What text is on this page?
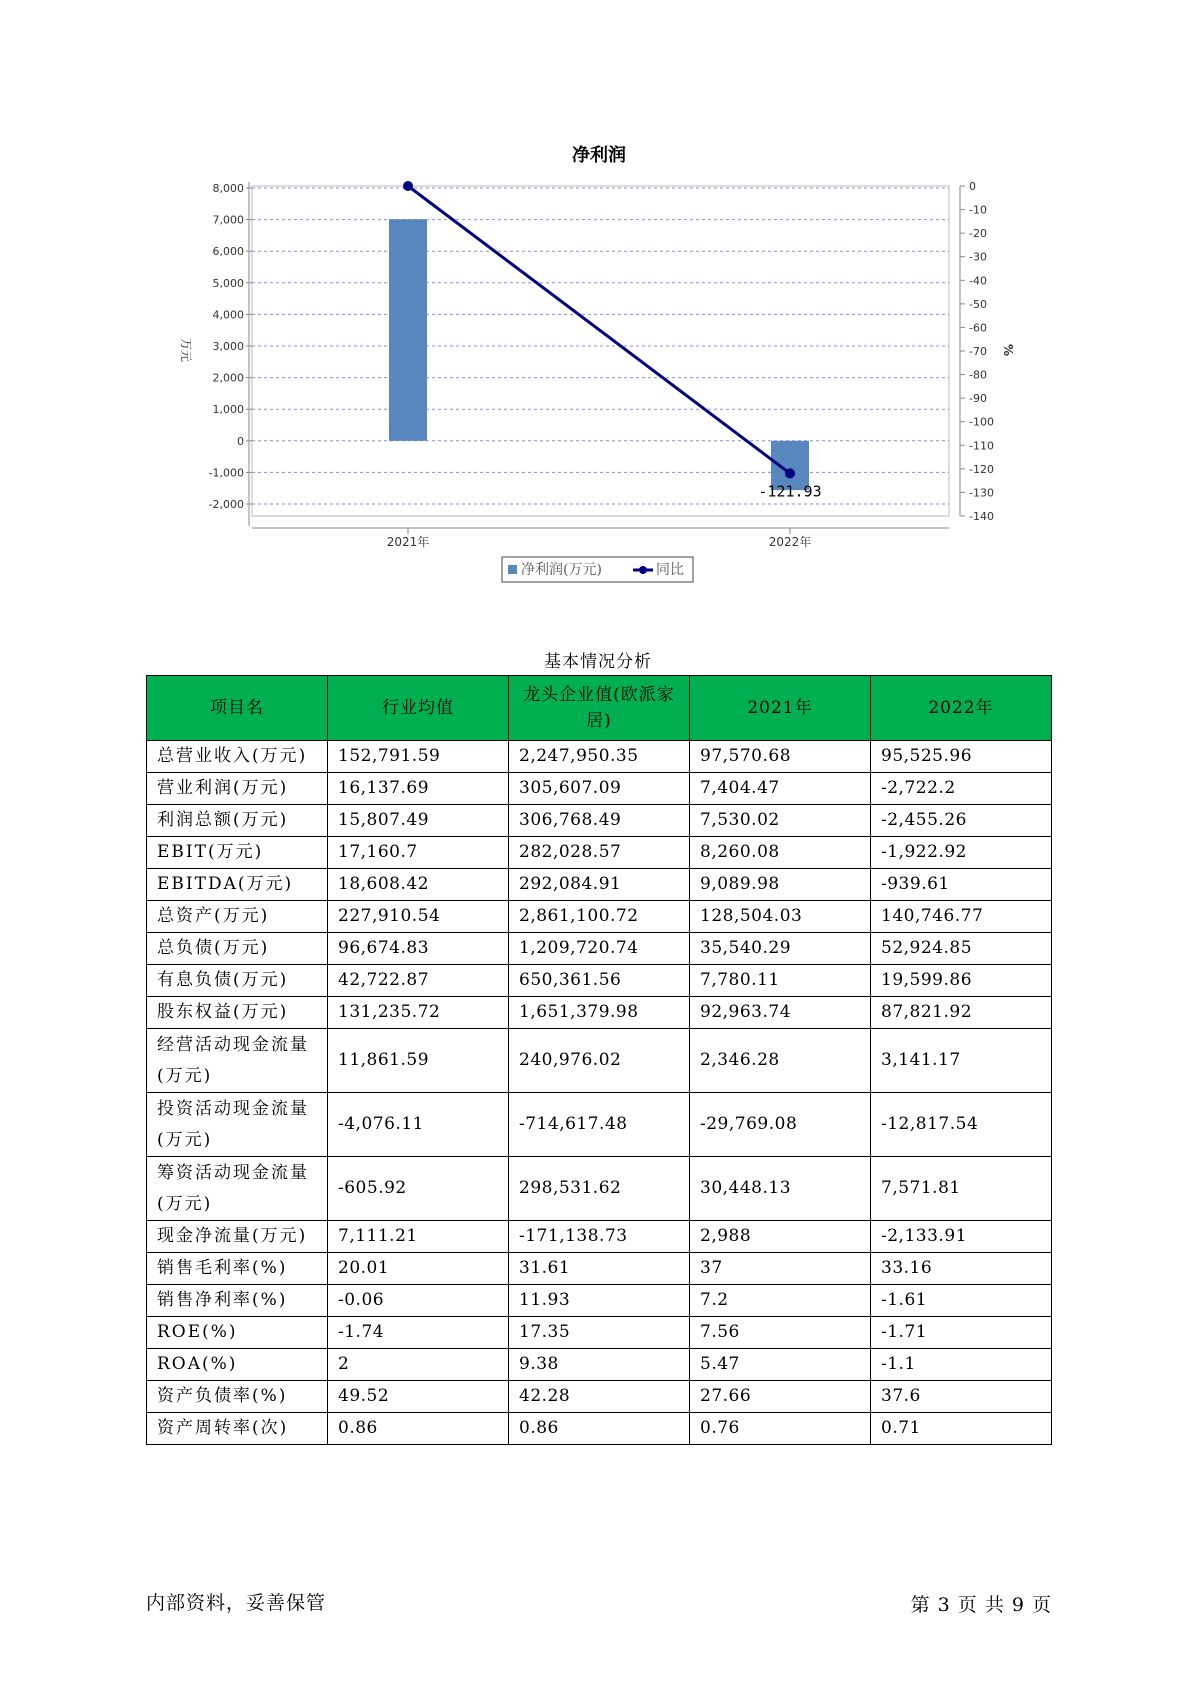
净利润
8,000
7,000
6,000
5,000
4,000
3,000
2,000
1,000
0
-1,000
-2,000
0
-10
-20
-30
-40
-50
-60
-70
-80
-90
-100
-110
-120
-130
-140
万元	%
2021年	2022年
-121.93
净利润(万元)	同比
基本情况分析
项目名	行业均值	龙头企业值(欧派家居)	2021年	2022年
总营业收入(万元)	152,791.59	2,247,950.35	97,570.68	95,525.96
营业利润(万元)	16,137.69	305,607.09	7,404.47	-2,722.2
利润总额(万元)	15,807.49	306,768.49	7,530.02	-2,455.26
EBIT(万元)	17,160.7	282,028.57	8,260.08	-1,922.92
EBITDA(万元)	18,608.42	292,084.91	9,089.98	-939.61
总资产(万元)	227,910.54	2,861,100.72	128,504.03	140,746.77
总负债(万元)	96,674.83	1,209,720.74	35,540.29	52,924.85
有息负债(万元)	42,722.87	650,361.56	7,780.11	19,599.86
股东权益(万元)	131,235.72	1,651,379.98	92,963.74	87,821.92
经营活动现金流量(万元)	11,861.59	240,976.02	2,346.28	3,141.17
投资活动现金流量(万元)	-4,076.11	-714,617.48	-29,769.08	-12,817.54
筹资活动现金流量(万元)	-605.92	298,531.62	30,448.13	7,571.81
现金净流量(万元)	7,111.21	-171,138.73	2,988	-2,133.91
销售毛利率(%)	20.01	31.61	37	33.16
销售净利率(%)	-0.06	11.93	7.2	-1.61
ROE(%)	-1.74	17.35	7.56	-1.71
ROA(%)	2	9.38	5.47	-1.1
资产负债率(%)	49.52	42.28	27.66	37.6
资产周转率(次)	0.86	0.86	0.76	0.71
内部资料，妥善保管	第 3 页 共 9 页
